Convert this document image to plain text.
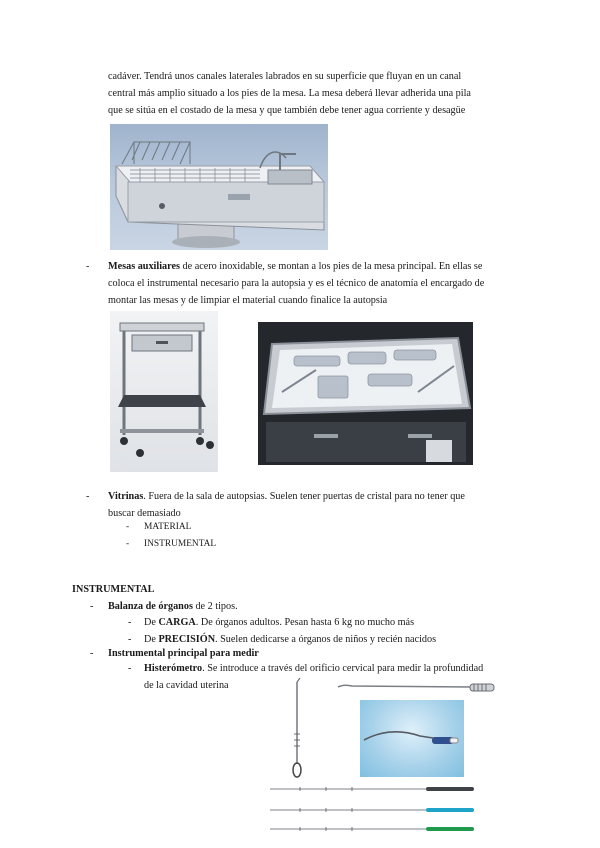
cadáver. Tendrá unos canales laterales labrados en su superficie que fluyan en un canal
central más amplio situado a los pies de la mesa. La mesa deberá llevar adherida una pila
que se sitúa en el costado de la mesa y que también debe tener agua corriente y desagüe
- Mesas auxiliares de acero inoxidable, se montan a los pies de la mesa principal. En ellas se
coloca el instrumental necesario para la autopsia y es el técnico de anatomía el encargado de
montar las mesas y de limpiar el material cuando finalice la autopsia
- Vitrinas. Fuera de la sala de autopsias. Suelen tener puertas de cristal para no tener que
buscar demasiado
- MATERIAL
- INSTRUMENTAL
INSTRUMENTAL
- Balanza de órganos de 2 tipos.
- De CARGA. De órganos adultos. Pesan hasta 6 kg no mucho más
- De PRECISIÓN. Suelen dedicarse a órganos de niños y recién nacidos
- Instrumental principal para medir
- Histerómetro. Se introduce a través del orificio cervical para medir la profundidad
de la cavidad uterina
